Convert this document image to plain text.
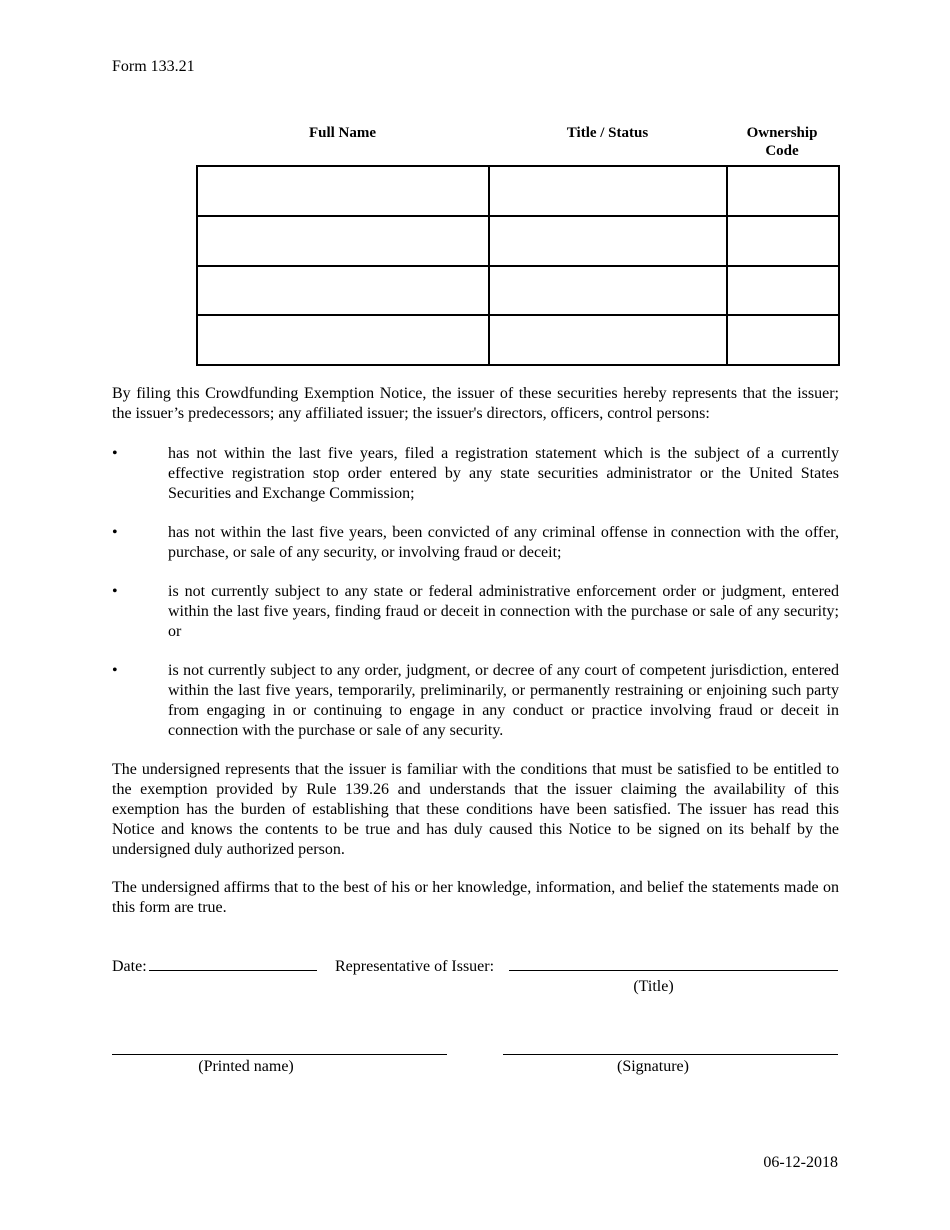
Form 133.21
Full Name	Title / Status	Ownership
Code

By filing this Crowdfunding Exemption Notice, the issuer of these securities hereby represents that the issuer; the issuer’s predecessors; any affiliated issuer; the issuer's directors, officers, control persons:

•	has not within the last five years, filed a registration statement which is the subject of a currently effective registration stop order entered by any state securities administrator or the United States Securities and Exchange Commission;
•	has not within the last five years, been convicted of any criminal offense in connection with the offer, purchase, or sale of any security, or involving fraud or deceit;
•	is not currently subject to any state or federal administrative enforcement order or judgment, entered within the last five years, finding fraud or deceit in connection with the purchase or sale of any security; or
•	is not currently subject to any order, judgment, or decree of any court of competent jurisdiction, entered within the last five years, temporarily, preliminarily, or permanently restraining or enjoining such party from engaging in or continuing to engage in any conduct or practice involving fraud or deceit in connection with the purchase or sale of any security.

The undersigned represents that the issuer is familiar with the conditions that must be satisfied to be entitled to the exemption provided by Rule 139.26 and understands that the issuer claiming the availability of this exemption has the burden of establishing that these conditions have been satisfied. The issuer has read this Notice and knows the contents to be true and has duly caused this Notice to be signed on its behalf by the undersigned duly authorized person.

The undersigned affirms that to the best of his or her knowledge, information, and belief the statements made on this form are true.

Date:	Representative of Issuer:
(Title)
(Printed name)	(Signature)
06-12-2018
